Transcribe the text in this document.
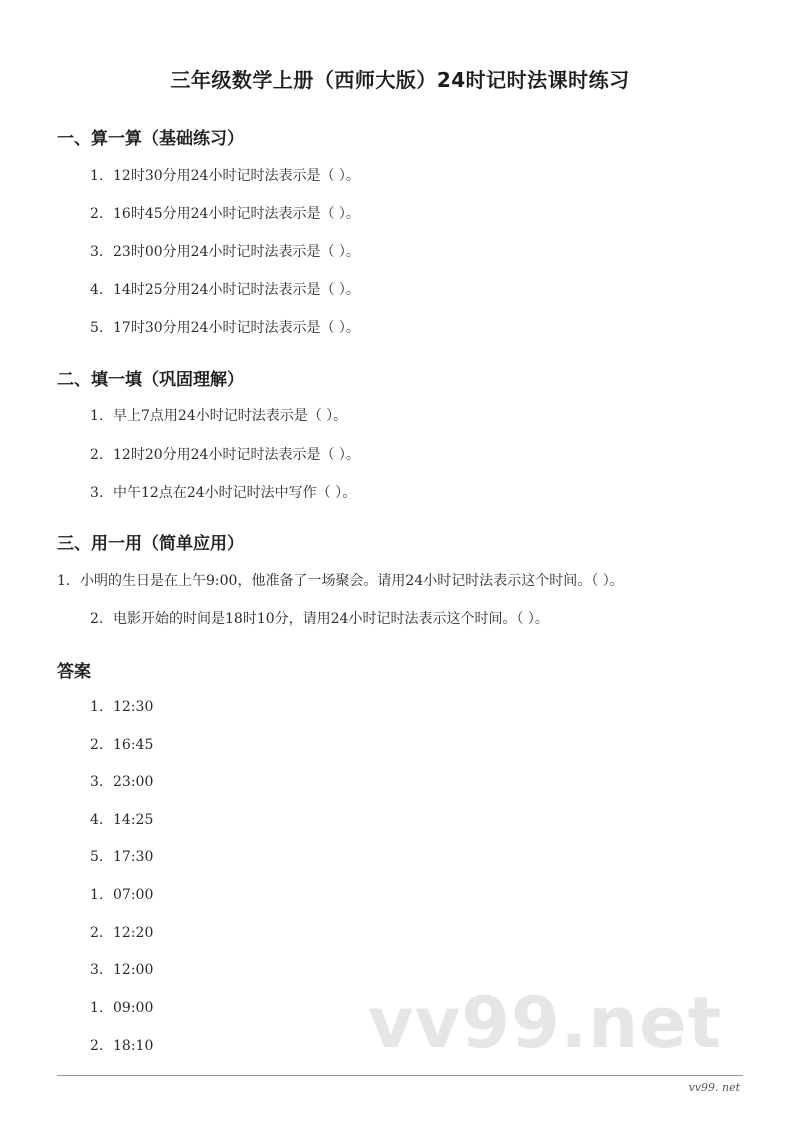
三年级数学上册（西师大版）24时记时法课时练习
一、算一算（基础练习）
1. 12时30分用24小时记时法表示是（ ）。
2. 16时45分用24小时记时法表示是（ ）。
3. 23时00分用24小时记时法表示是（ ）。
4. 14时25分用24小时记时法表示是（ ）。
5. 17时30分用24小时记时法表示是（ ）。
二、填一填（巩固理解）
1. 早上7点用24小时记时法表示是（ ）。
2. 12时20分用24小时记时法表示是（ ）。
3. 中午12点在24小时记时法中写作（ ）。
三、用一用（简单应用）
1. 小明的生日是在上午9:00，他准备了一场聚会。请用24小时记时法表示这个时间。（ ）。
2. 电影开始的时间是18时10分，请用24小时记时法表示这个时间。（ ）。
答案
1. 12:30
2. 16:45
3. 23:00
4. 14:25
5. 17:30
1. 07:00
2. 12:20
3. 12:00
1. 09:00
2. 18:10	vv99.net
vv99. net
